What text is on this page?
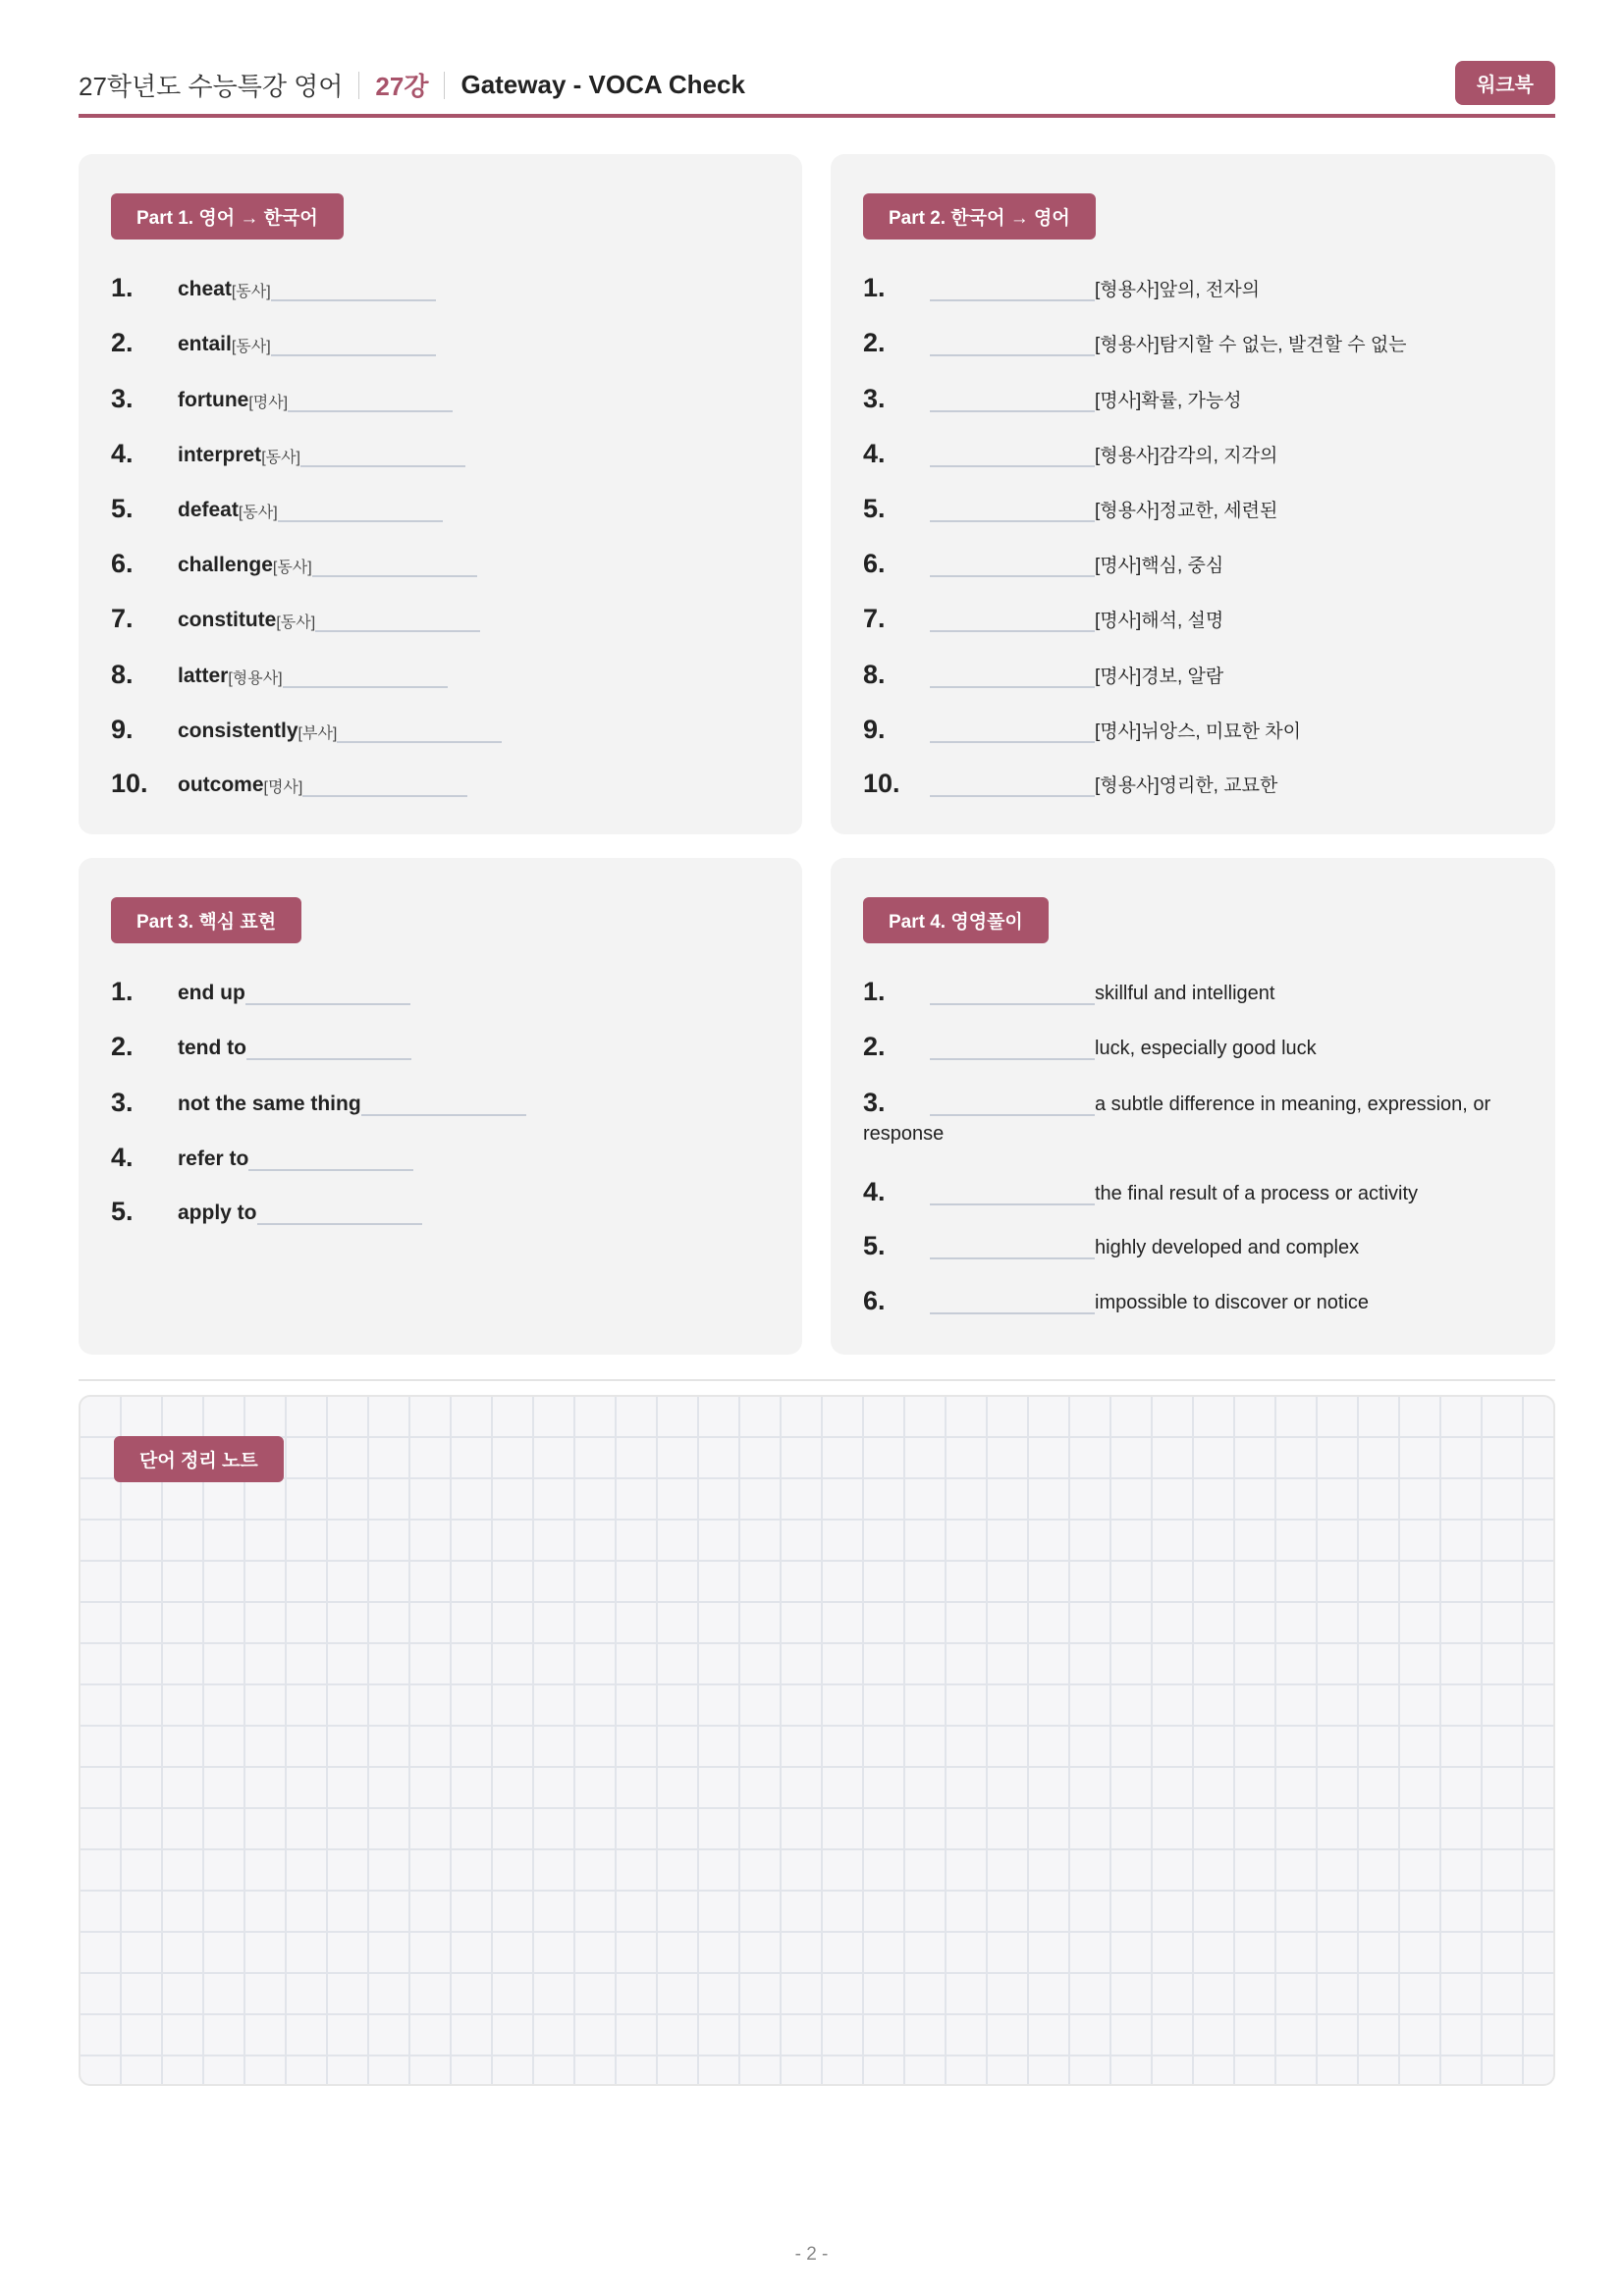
27학년도 수능특강 영어 27강 Gateway - VOCA Check	워크북
Part 1. 영어 → 한국어
1.	cheat [동사]
2.	entail [동사]
3.	fortune [명사]
4.	interpret [동사]
5.	defeat [동사]
6.	challenge [동사]
7.	constitute [동사]
8.	latter [형용사]
9.	consistently [부사]
10.	outcome [명사]
Part 2. 한국어 → 영어
1.	[형용사]앞의, 전자의
2.	[형용사]탐지할 수 없는, 발견할 수 없는
3.	[명사]확률, 가능성
4.	[형용사]감각의, 지각의
5.	[형용사]정교한, 세련된
6.	[명사]핵심, 중심
7.	[명사]해석, 설명
8.	[명사]경보, 알람
9.	[명사]뉘앙스, 미묘한 차이
10.	[형용사]영리한, 교묘한
Part 3. 핵심 표현
1.	end up
2.	tend to
3.	not the same thing
4.	refer to
5.	apply to
Part 4. 영영풀이
1.	skillful and intelligent
2.	luck, especially good luck
3.	a subtle difference in meaning, expression, or
response
4.	the final result of a process or activity
5.	highly developed and complex
6.	impossible to discover or notice
단어 정리 노트
- 2 -
